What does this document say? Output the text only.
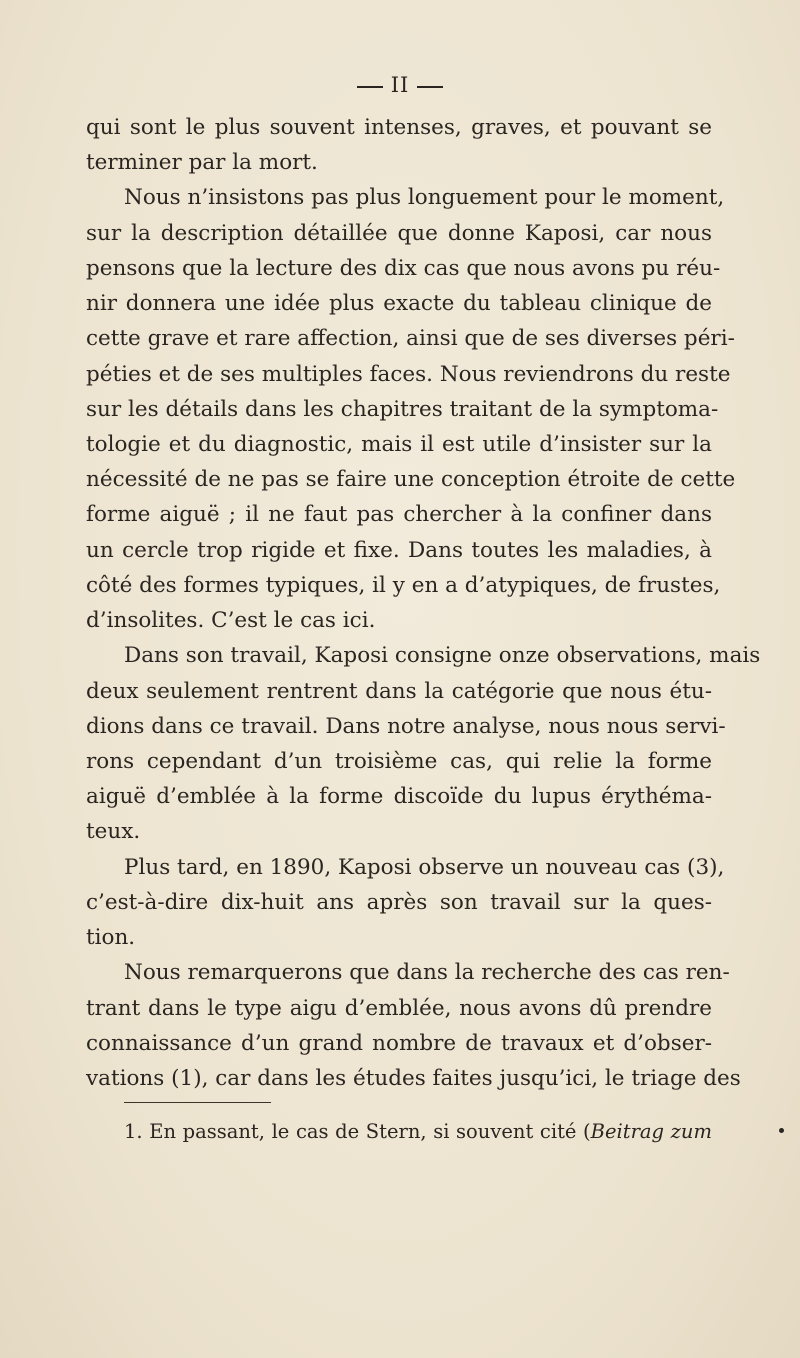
II
qui sont le plus souvent intenses, graves, et pouvant se
terminer par la mort.
Nous n’insistons pas plus longuement pour le moment,
sur la description détaillée que donne Kaposi, car nous
pensons que la lecture des dix cas que nous avons pu réu-
nir donnera une idée plus exacte du tableau clinique de
cette grave et rare affection, ainsi que de ses diverses péri-
péties et de ses multiples faces. Nous reviendrons du reste
sur les détails dans les chapitres traitant de la symptoma-
tologie et du diagnostic, mais il est utile d’insister sur la
nécessité de ne pas se faire une conception étroite de cette
forme aiguë ; il ne faut pas chercher à la confiner dans
un cercle trop rigide et fixe. Dans toutes les maladies, à
côté des formes typiques, il y en a d’atypiques, de frustes,
d’insolites. C’est le cas ici.
Dans son travail, Kaposi consigne onze observations, mais
deux seulement rentrent dans la catégorie que nous étu-
dions dans ce travail. Dans notre analyse, nous nous servi-
rons cependant d’un troisième cas, qui relie la forme
aiguë d’emblée à la forme discoïde du lupus érythéma-
teux.
Plus tard, en 1890, Kaposi observe un nouveau cas (3),
c’est-à-dire dix-huit ans après son travail sur la ques-
tion.
Nous remarquerons que dans la recherche des cas ren-
trant dans le type aigu d’emblée, nous avons dû prendre
connaissance d’un grand nombre de travaux et d’obser-
1. En passant, le cas de Stern, si souvent cité (Beitrag zum
vations (1), car dans les études faites jusqu’ici, le triage des
